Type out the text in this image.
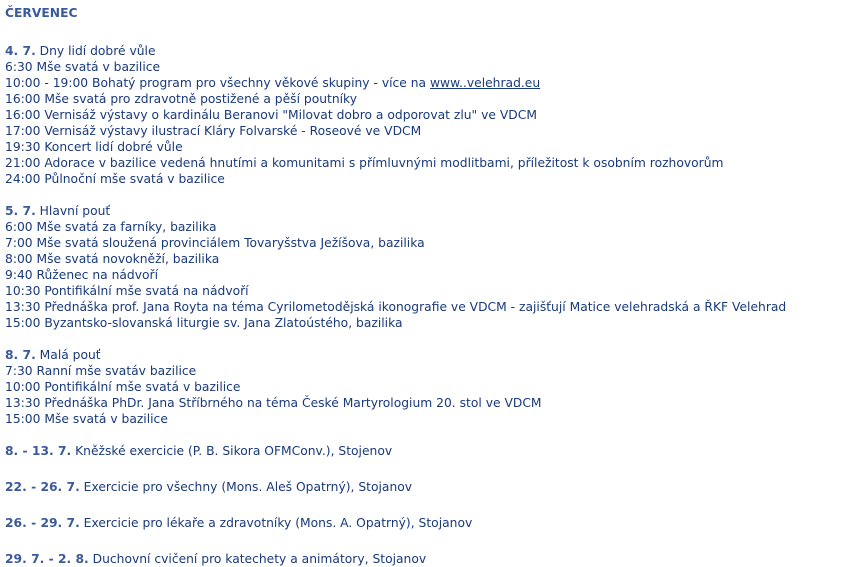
ČERVENEC
4. 7. Dny lidí dobré vůle
6:30 Mše svatá v bazilice
10:00 - 19:00 Bohatý program pro všechny věkové skupiny - více na www..velehrad.eu
16:00 Mše svatá pro zdravotně postižené a pěší poutníky
16:00 Vernisáž výstavy o kardinálu Beranovi "Milovat dobro a odporovat zlu" ve VDCM
17:00 Vernisáž výstavy ilustrací Kláry Folvarské - Roseové ve VDCM
19:30 Koncert lidí dobré vůle
21:00 Adorace v bazilice vedená hnutími a komunitami s přímluvnými modlitbami, příležitost k osobním rozhovorům
24:00 Půlnoční mše svatá v bazilice
5. 7. Hlavní pouť
6:00 Mše svatá za farníky, bazilika
7:00 Mše svatá sloužená provinciálem Tovaryšstva Ježíšova, bazilika
8:00 Mše svatá novokněží, bazilika
9:40 Růženec na nádvoří
10:30 Pontifikální mše svatá na nádvoří
13:30 Přednáška prof. Jana Royta na téma Cyrilometodějská ikonografie ve VDCM - zajišťují Matice velehradská a ŘKF Velehrad
15:00 Byzantsko-slovanská liturgie sv. Jana Zlatoústého, bazilika
8. 7. Malá pouť
7:30 Ranní mše svatáv bazilice
10:00 Pontifikální mše svatá v bazilice
13:30 Přednáška PhDr. Jana Stříbrného na téma České Martyrologium 20. stol ve VDCM
15:00 Mše svatá v bazilice
8. - 13. 7. Kněžské exercicie (P. B. Sikora OFMConv.), Stojenov
22. - 26. 7. Exercicie pro všechny (Mons. Aleš Opatrný), Stojanov
26. - 29. 7. Exercicie pro lékaře a zdravotníky (Mons. A. Opatrný), Stojanov
29. 7. - 2. 8. Duchovní cvičení pro katechety a animátory, Stojanov
